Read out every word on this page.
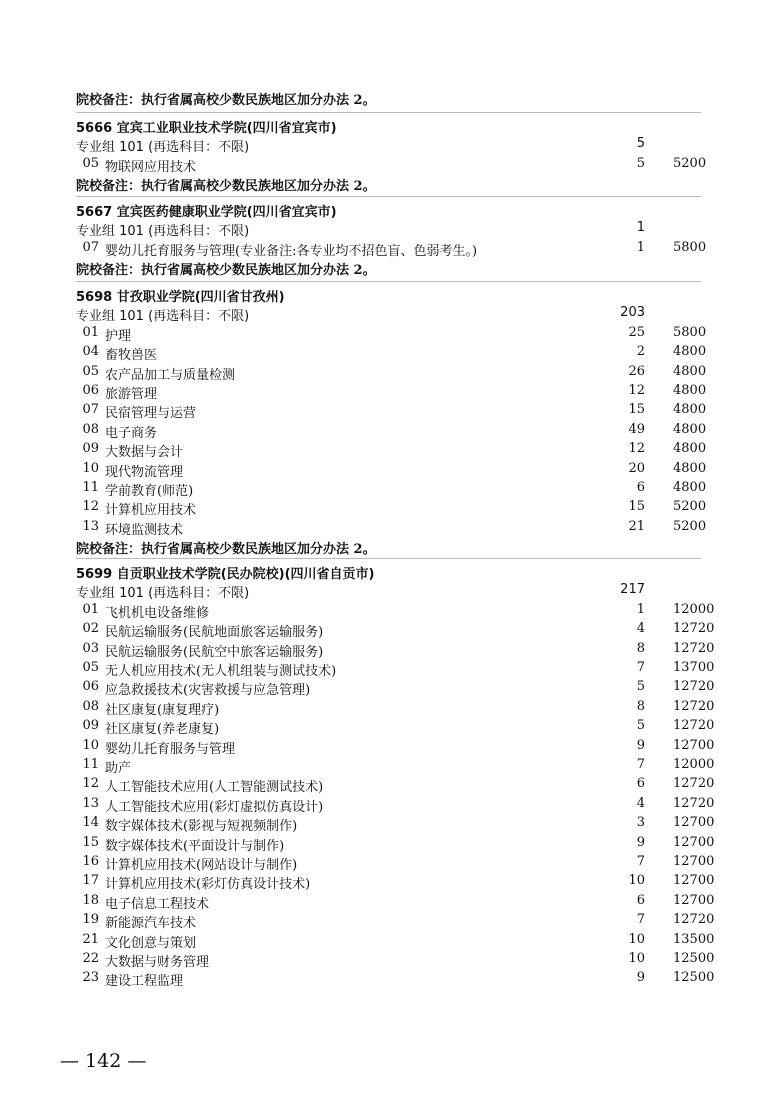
院校备注：执行省属高校少数民族地区加分办法 2。
5666 宜宾工业职业技术学院(四川省宜宾市)
专业组 101 (再选科目：不限)	5
05 物联网应用技术	5 5200
院校备注：执行省属高校少数民族地区加分办法 2。
5667 宜宾医药健康职业学院(四川省宜宾市)
专业组 101 (再选科目：不限)	1
07 婴幼儿托育服务与管理(专业备注:各专业均不招色盲、色弱考生。)	1 5800
院校备注：执行省属高校少数民族地区加分办法 2。
5698 甘孜职业学院(四川省甘孜州)
专业组 101 (再选科目：不限)	203
01 护理	25 5800
04 畜牧兽医	2 4800
05 农产品加工与质量检测	26 4800
06 旅游管理	12 4800
07 民宿管理与运营	15 4800
08 电子商务	49 4800
09 大数据与会计	12 4800
10 现代物流管理	20 4800
11 学前教育(师范)	6 4800
12 计算机应用技术	15 5200
13 环境监测技术	21 5200
院校备注：执行省属高校少数民族地区加分办法 2。
5699 自贡职业技术学院(民办院校)(四川省自贡市)
专业组 101 (再选科目：不限)	217
01 飞机机电设备维修	1 12000
02 民航运输服务(民航地面旅客运输服务)	4 12720
03 民航运输服务(民航空中旅客运输服务)	8 12720
05 无人机应用技术(无人机组装与测试技术)	7 13700
06 应急救援技术(灾害救援与应急管理)	5 12720
08 社区康复(康复理疗)	8 12720
09 社区康复(养老康复)	5 12720
10 婴幼儿托育服务与管理	9 12700
11 助产	7 12000
12 人工智能技术应用(人工智能测试技术)	6 12720
13 人工智能技术应用(彩灯虚拟仿真设计)	4 12720
14 数字媒体技术(影视与短视频制作)	3 12700
15 数字媒体技术(平面设计与制作)	9 12700
16 计算机应用技术(网站设计与制作)	7 12700
17 计算机应用技术(彩灯仿真设计技术)	10 12700
18 电子信息工程技术	6 12700
19 新能源汽车技术	7 12720
21 文化创意与策划	10 13500
22 大数据与财务管理	10 12500
23 建设工程监理	9 12500
— 142 —
